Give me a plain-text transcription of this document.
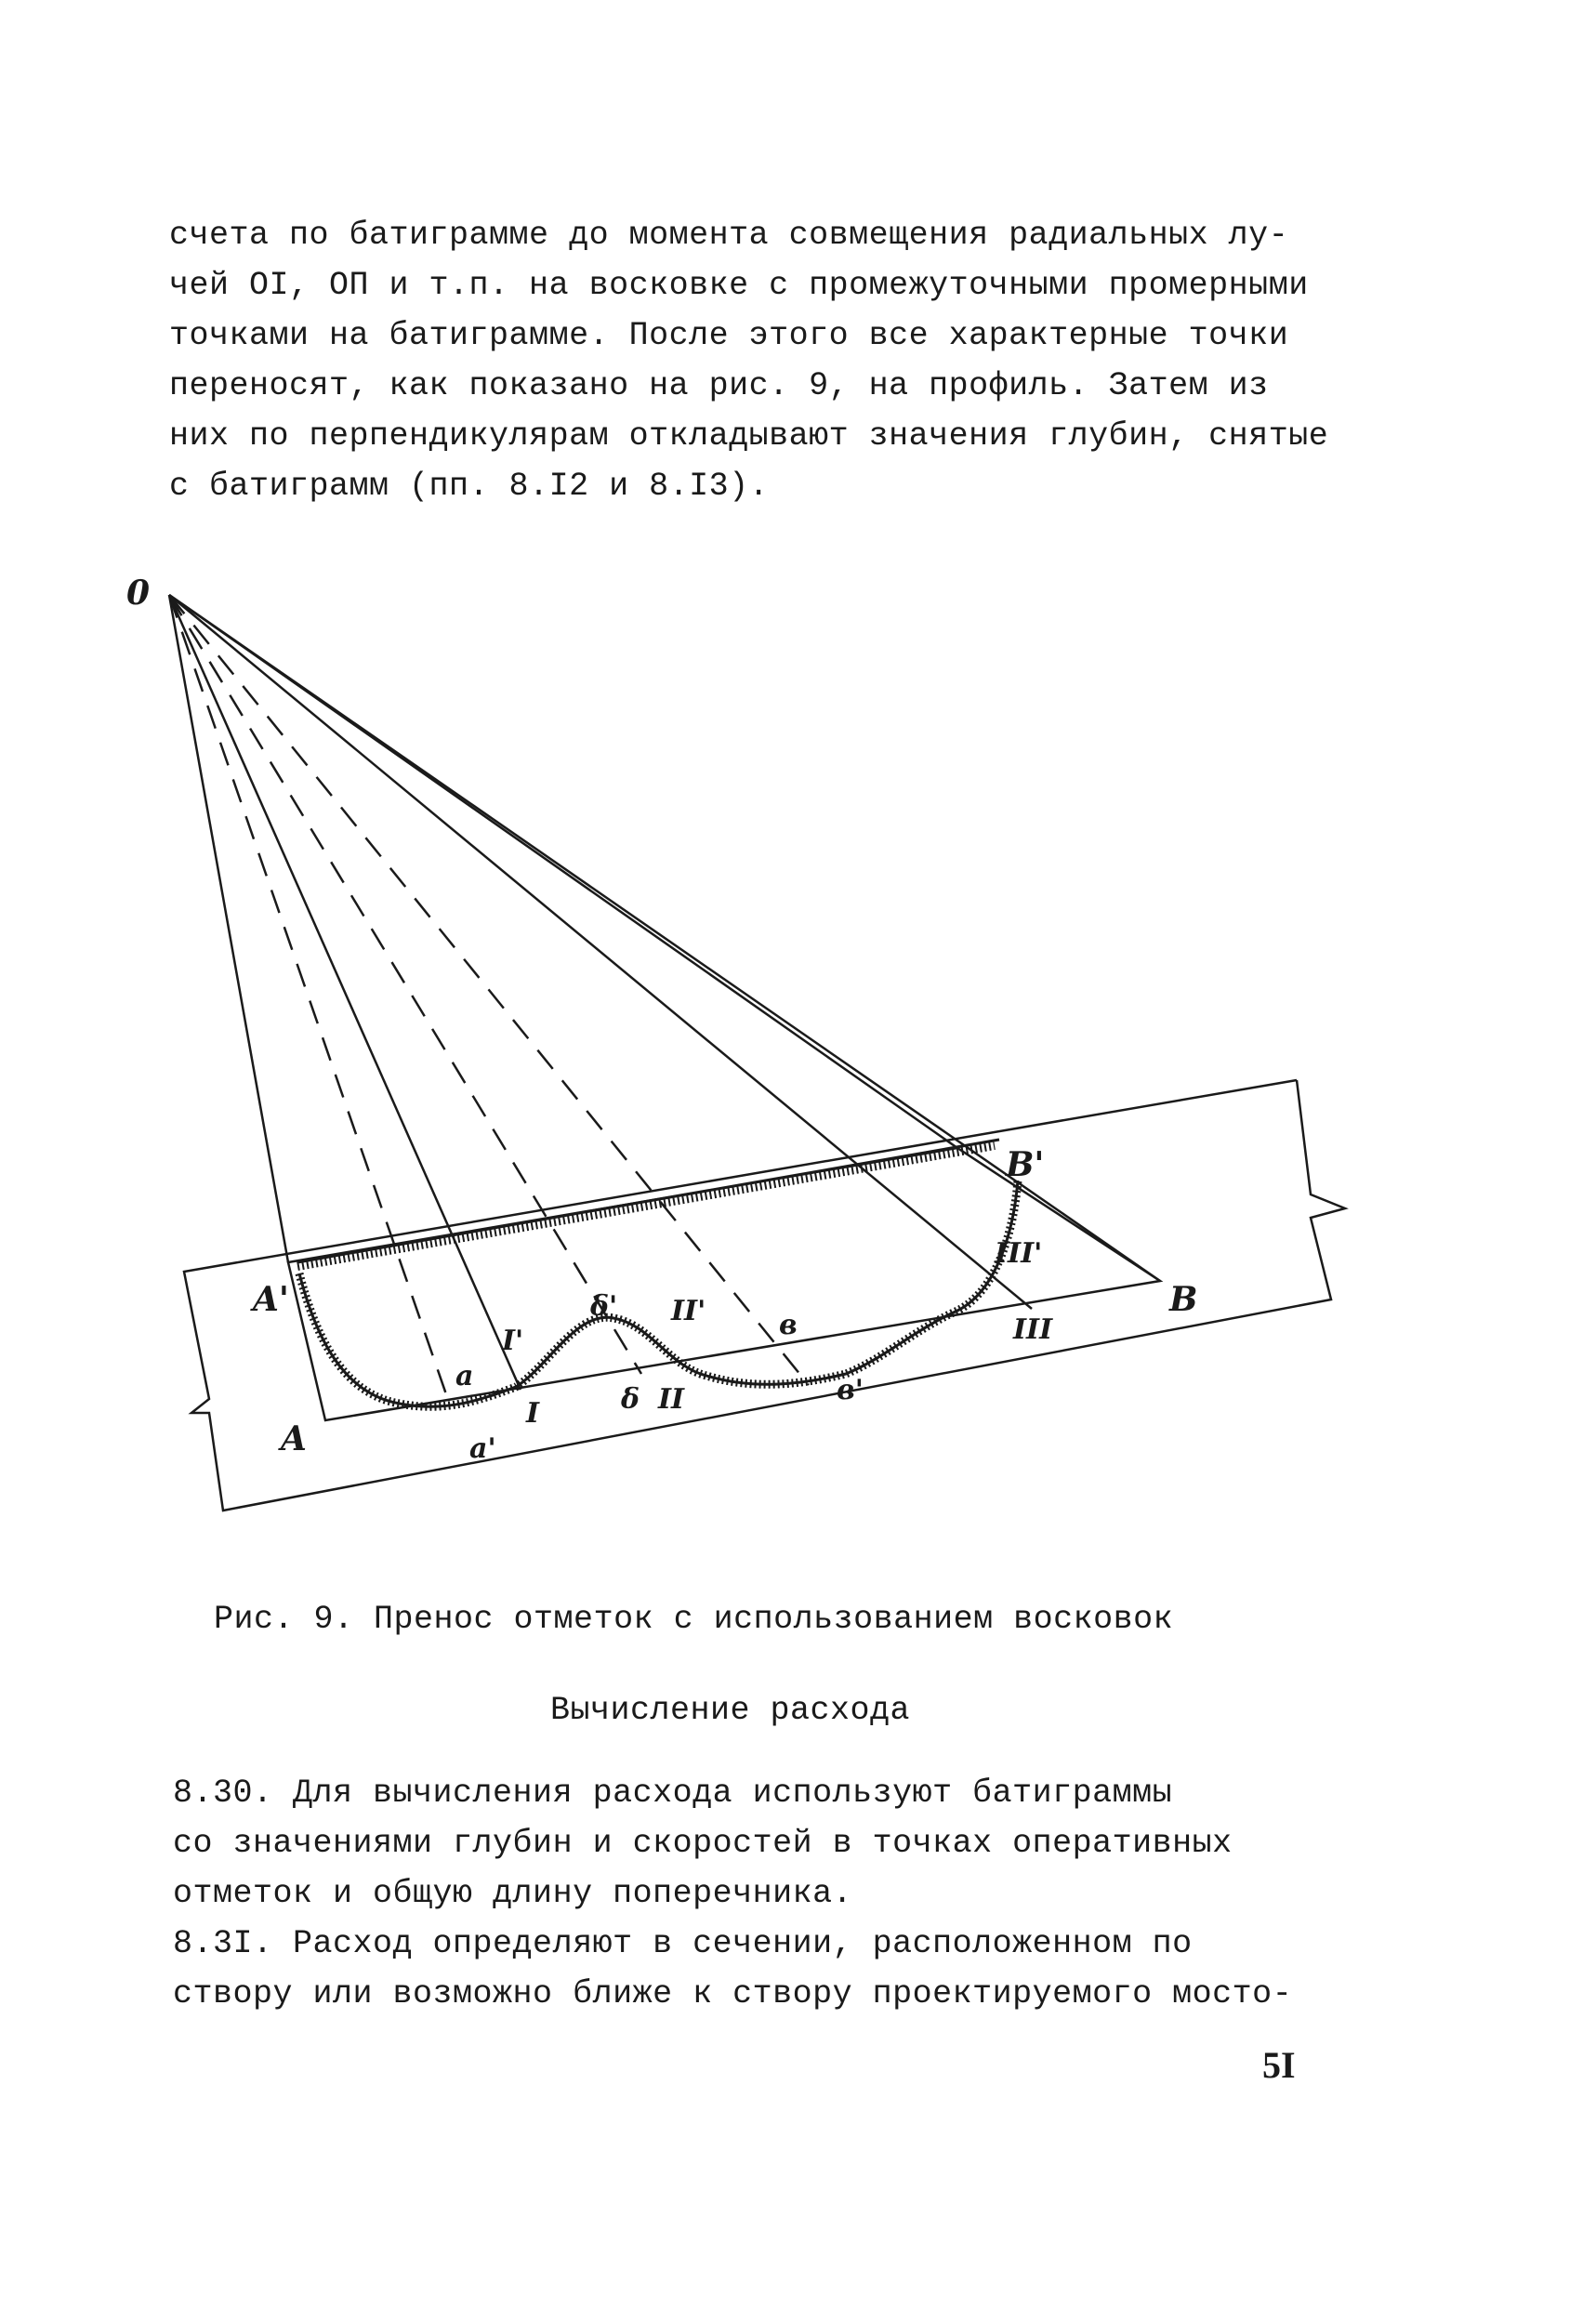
счета по батиграмме до момента совмещения радиальных лу-
чей ОI, ОП и т.п. на восковке с промежуточными промерными
точками на батиграмме. После этого все характерные точки
переносят, как показано на рис. 9, на профиль. Затем из
них по перпендикулярам откладывают значения глубин, снятые
с батиграмм (пп. 8.I2 и 8.I3).
0
A'
A
B'
B
a
a'
I
I'
δ
δ'
II
II'	в
в'
III
III'
Рис. 9. Пренос отметок с использованием восковок
Вычисление расхода
8.30. Для вычисления расхода используют батиграммы
со значениями глубин и скоростей в точках оперативных
отметок и общую длину поперечника.
8.3I. Расход определяют в сечении, расположенном по
створу или возможно ближе к створу проектируемого мосто-
5I
